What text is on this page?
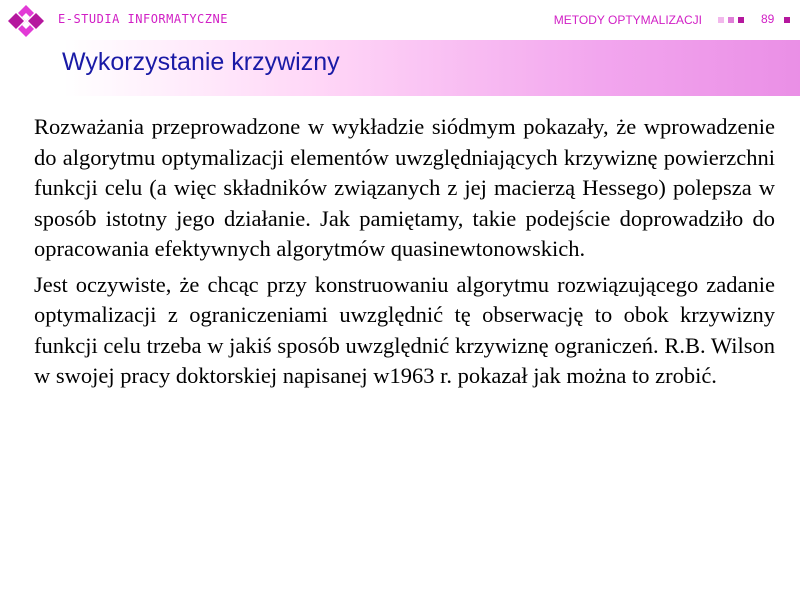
E-STUDIA INFORMATYCZNE	METODY OPTYMALIZACJI	89
Wykorzystanie krzywizny

Rozważania przeprowadzone w wykładzie siódmym pokazały, że wprowadzenie do algorytmu optymalizacji elementów uwzględniających krzywiznę powierzchni funkcji celu (a więc składników związanych z jej macierzą Hessego) polepsza w sposób istotny jego działanie. Jak pamiętamy, takie podejście doprowadziło do opracowania efektywnych algorytmów quasinewtonowskich.

Jest oczywiste, że chcąc przy konstruowaniu algorytmu rozwiązującego zadanie optymalizacji z ograniczeniami uwzględnić tę obserwację to obok krzywizny funkcji celu trzeba w jakiś sposób uwzględnić krzywiznę ograniczeń. R.B. Wilson w swojej pracy doktorskiej napisanej w1963 r. pokazał jak można to zrobić.
